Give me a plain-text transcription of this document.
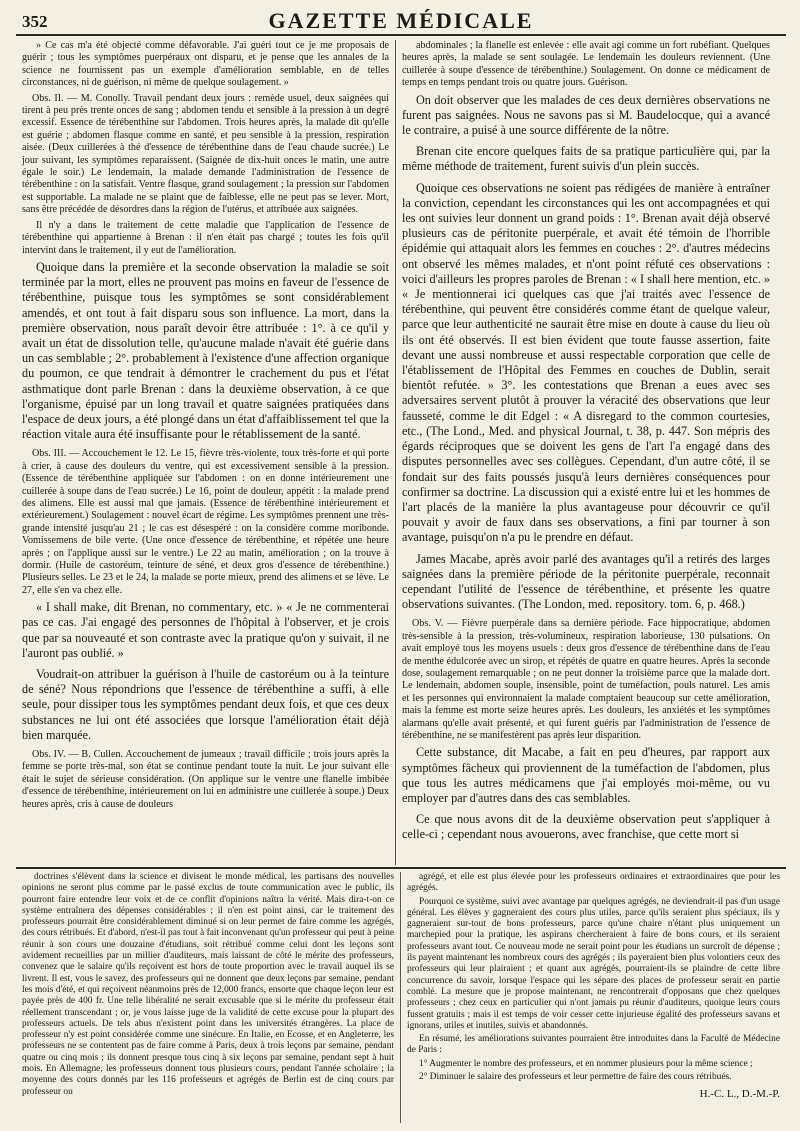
352	GAZETTE MÉDICALE

» Ce cas m'a été objecté comme défavorable. J'ai guéri tout ce je me proposais de guérir ; tous les symptômes puerpéraux ont disparu, et je pense que les annales de la science ne fournissent pas un exemple d'amélioration semblable, en de telles circonstances, ni de guérison, ni même de quelque soulagement. »

Obs. II. — M. Conolly. Travail pendant deux jours : remède usuel, deux saignées qui tirent à peu près trente onces de sang ; abdomen tendu et sensible à la pression à un degré excessif. Essence de térébenthine sur l'abdomen. Trois heures après, la malade dit qu'elle est guérie ; abdomen flasque comme en santé, et peu sensible à la pression, respiration aisée. (Deux cuillerées à thé d'essence de térébenthine dans de l'eau chaude sucrée.) Le jour suivant, les symptômes reparaissent. (Saignée de dix-huit onces le matin, une autre égale le soir.) Le lendemain, la malade demande l'administration de l'essence de térébenthine : on la satisfait. Ventre flasque, grand soulagement ; la pression sur l'abdomen est supportable. La malade ne se plaint que de faiblesse, elle ne peut pas se lever. Mort, sans être précédée de désordres dans la région de l'utérus, et attribuée aux saignées.

Il n'y a dans le traitement de cette maladie que l'application de l'essence de térébenthine qui appartienne à Brenan : il n'en était pas chargé ; toutes les fois qu'il intervint dans le traitement, il y eut de l'amélioration.

Quoique dans la première et la seconde observation la maladie se soit terminée par la mort, elles ne prouvent pas moins en faveur de l'essence de térébenthine, puisque tous les symptômes se sont considérablement amendés, et ont tout à fait disparu sous son influence. La mort, dans la première observation, nous paraît devoir être attribuée : 1°. à ce qu'il y avait un état de dissolution telle, qu'aucune malade n'avait été guérie dans un cas semblable ; 2°. probablement à l'existence d'une affection organique du poumon, ce que tendrait à démontrer le crachement du pus et l'état asthmatique dont parle Brenan : dans la deuxième observation, à ce que l'organisme, épuisé par un long travail et quatre saignées pratiquées dans l'espace de deux jours, a été plongé dans un état d'affaiblissement tel que la réaction vitale aura été insuffisante pour le rétablissement de la santé.

Obs. III. — Accouchement le 12. Le 15, fièvre très-violente, toux très-forte et qui porte à crier, à cause des douleurs du ventre, qui est excessivement sensible à la pression. (Essence de térébenthine appliquée sur l'abdomen : on en donne intérieurement une cuillerée à soupe dans de l'eau sucrée.) Le 16, point de douleur, appétit : la malade prend des alimens. Elle est aussi mal que jamais. (Essence de térébenthine intérieurement et extérieurement.) Soulagement : nouvel écart de régime. Les symptômes prennent une très-grande intensité jusqu'au 21 ; le cas est désespéré : on la considère comme moribonde. Vomissemens de bile verte. (Une once d'essence de térébenthine, et répétée une heure après ; on l'applique aussi sur le ventre.) Le 22 au matin, amélioration ; on la trouve à dormir. (Huile de castoréum, teinture de séné, et deux gros d'essence de térébenthine.) Plusieurs selles. Le 23 et le 24, la malade se porte mieux, prend des alimens et se lève. Le 27, elle s'en va chez elle.

« I shall make, dit Brenan, no commentary, etc. » « Je ne commenterai pas ce cas. J'ai engagé des personnes de l'hôpital à l'observer, et je crois que par sa nouveauté et son contraste avec la pratique qu'on y suivait, il ne l'auront pas oublié. »

Voudrait-on attribuer la guérison à l'huile de castoréum ou à la teinture de séné? Nous répondrions que l'essence de térébenthine a suffi, à elle seule, pour dissiper tous les symptômes pendant deux fois, et que ces deux substances ne lui ont été associées que lorsque l'amélioration était déjà bien marquée.

Obs. IV. — B. Cullen. Accouchement de jumeaux ; travail difficile ; trois jours après la femme se porte très-mal, son état se continue pendant toute la nuit. Le jour suivant elle était le sujet de sérieuse considération. (On applique sur le ventre une flanelle imbibée d'essence de térébenthine, intérieurement on lui en administre une cuillerée à soupe.) Deux heures après, cris à cause de douleurs

abdominales ; la flanelle est enlevée : elle avait agi comme un fort rubéfiant. Quelques heures après, la malade se sent soulagée. Le lendemain les douleurs reviennent. (Une cuillerée à soupe d'essence de térébenthine.) Soulagement. On donne ce médicament de temps en temps pendant trois ou quatre jours. Guérison.

On doit observer que les malades de ces deux dernières observations ne furent pas saignées. Nous ne savons pas si M. Baudelocque, qui a avancé le contraire, a puisé à une source différente de la nôtre.

Brenan cite encore quelques faits de sa pratique particulière qui, par la même méthode de traitement, furent suivis d'un plein succès.

Quoique ces observations ne soient pas rédigées de manière à entraîner la conviction, cependant les circonstances qui les ont accompagnées et qui les ont suivies leur donnent un grand poids : 1°. Brenan avait déjà observé plusieurs cas de péritonite puerpérale, et avait été témoin de l'horrible épidémie qui attaquait alors les femmes en couches : 2°. d'autres médecins ont observé les mêmes malades, et n'ont point réfuté ces observations : voici d'ailleurs les propres paroles de Brenan : « I shall here mention, etc. » « Je mentionnerai ici quelques cas que j'ai traités avec l'essence de térébenthine, qui peuvent être considérés comme étant de quelque valeur, parce que leur authenticité ne saurait être mise en doute à cause du lieu où ils ont été observés. Il est bien évident que toute fausse assertion, faite devant une aussi nombreuse et aussi respectable corporation que celle de l'établissement de l'Hôpital des Femmes en couches de Dublin, serait bientôt refutée. » 3°. les contestations que Brenan a eues avec ses adversaires servent plutôt à prouver la véracité des observations que leur fausseté, comme le dit Edgel : « A disregard to the common courtesies, etc., (The Lond., Med. and physical Journal, t. 38, p. 447. Son mépris des égards réciproques que se doivent les gens de l'art l'a engagé dans des disputes personnelles avec ses collègues. Cependant, d'un autre côté, il se fondait sur des faits poussés jusqu'à leurs dernières conséquences pour confirmer sa doctrine. La discussion qui a existé entre lui et les hommes de l'art placés de la manière la plus avantageuse pour découvrir ce qu'il pouvait y avoir de faux dans ses observations, a fini par tourner à son avantage, puisqu'on n'a pu le prendre en défaut.

James Macabe, après avoir parlé des avantages qu'il a retirés des larges saignées dans la première période de la péritonite puerpérale, reconnait cependant l'utilité de l'essence de térébenthine, et présente les quatre observations suivantes. (The London, med. repository. tom. 6, p. 468.)

Obs. V. — Fièvre puerpérale dans sa dernière période. Face hippocratique, abdomen très-sensible à la pression, très-volumineux, respiration laborieuse, 130 pulsations. On avait employé tous les moyens usuels : deux gros d'essence de térébenthine dans de l'eau de menthe édulcorée avec un sirop, et répétés de quatre en quatre heures. Après la seconde dose, soulagement remarquable ; on ne peut donner la troisième parce que la malade dort. Le lendemain, abdomen souple, insensible, point de tuméfaction, pouls naturel. Les amis et les personnes qui environnaient la malade comptaient beaucoup sur cette amélioration, mais la femme est morte seize heures après. Les douleurs, les anxiétés et les symptômes alarmans qu'elle avait présenté, et qui furent guéris par l'administration de l'essence de térébenthine, ne se manifestèrent pas après leur disparition.

Cette substance, dit Macabe, a fait en peu d'heures, par rapport aux symptômes fâcheux qui proviennent de la tuméfaction de l'abdomen, plus que tous les autres médicamens que j'ai employés moi-même, ou vu employer par d'autres dans des cas semblables.

Ce que nous avons dit de la deuxième observation peut s'appliquer à celle-ci ; cependant nous avouerons, avec franchise, que cette mort si

doctrines s'élèvent dans la science et divisent le monde médical, les partisans des nouvelles opinions ne seront plus comme par le passé exclus de toute communication avec le public, ils pourront faire entendre leur voix et de ce conflit d'opinions naîtra la vérité. Mais dira-t-on ce système entraînera des dépenses considérables ; il n'en est point ainsi, car le traitement des professeurs pourrait être considérablement diminué si on leur permet de faire comme les agrégés, des cours rétribués. Et d'abord, n'est-il pas tout à fait inconvenant qu'un professeur qui peut à peine réunir à son cours une douzaine d'étudians, soit rétribué comme celui dont les leçons sont avidement recueillies par un millier d'auditeurs, mais laissant de côté le mérite des professeurs, convenez que le salaire qu'ils reçoivent est hors de toute proportion avec le travail auquel ils se livrent. Il est, vous le savez, des professeurs qui ne donnent que deux leçons par semaine, pendant les mois d'été, et qui reçoivent néanmoins près de 12,000 francs, ensorte que chaque leçon leur est payée près de 400 fr. Une telle libéralité ne serait excusable que si le mérite du professeur était réellement transcendant ; or, je vous laisse juge de la validité de cette excuse pour la plupart des professeurs actuels. De tels abus n'existent point dans les universités étrangères. La place de professeur n'y est point considérée comme une sinécure. En Italie, en Ecosse, et en Angleterre, les professeurs ne se contentent pas de faire comme à Paris, deux à trois leçons par semaine, pendant quatre ou cinq mois ; ils donnent presque tous cinq à six leçons par semaine, pendant sept à huit mois. En Allemagne, les professeurs donnent tous plusieurs cours, pendant l'année scholaire ; la moyenne des cours donnés par les 116 professeurs et agrégés de Berlin est de cinq cours par professeur ou

agrégé, et elle est plus élevée pour les professeurs ordinaires et extraordinaires que pour les agrégés.

Pourquoi ce système, suivi avec avantage par quelques agrégés, ne deviendrait-il pas d'un usage général. Les élèves y gagneraient des cours plus utiles, parce qu'ils seraient plus spéciaux, ils y gagneraient sur-tout de bons professeurs, parce qu'une chaire n'étant plus uniquement un marchepied pour la pratique, les aspirans chercheraient à faire de bons cours, et ils seraient professeurs avant tout. Ce nouveau mode ne serait point pour les étudians un surcroît de dépense ; ils payent maintenant les nombreux cours des agrégés ; ils payeraient bien plus volontiers ceux des professeurs qui leur plairaient ; et quant aux agrégés, pourraient-ils se plaindre de cette libre concurrence du savoir, lorsque l'espace qui les sépare des places de professeur serait en partie comblé. La mesure que je propose maintenant, ne rencontrerait d'opposans que chez quelques professeurs ; chez ceux en particulier qui n'ont jamais pu réunir d'auditeurs, quoique leurs cours fussent gratuits ; mais il est temps de voir cesser cette injurieuse égalité des professeurs savans et ignorans, utiles et inutiles, suivis et abandonnés.

En résumé, les améliorations suivantes pourraient être introduites dans la Faculté de Médecine de Paris :

1° Augmenter le nombre des professeurs, et en nommer plusieurs pour la même science ;

2° Diminuer le salaire des professeurs et leur permettre de faire des cours rétribués.

H.-C. L., D.-M.-P.
